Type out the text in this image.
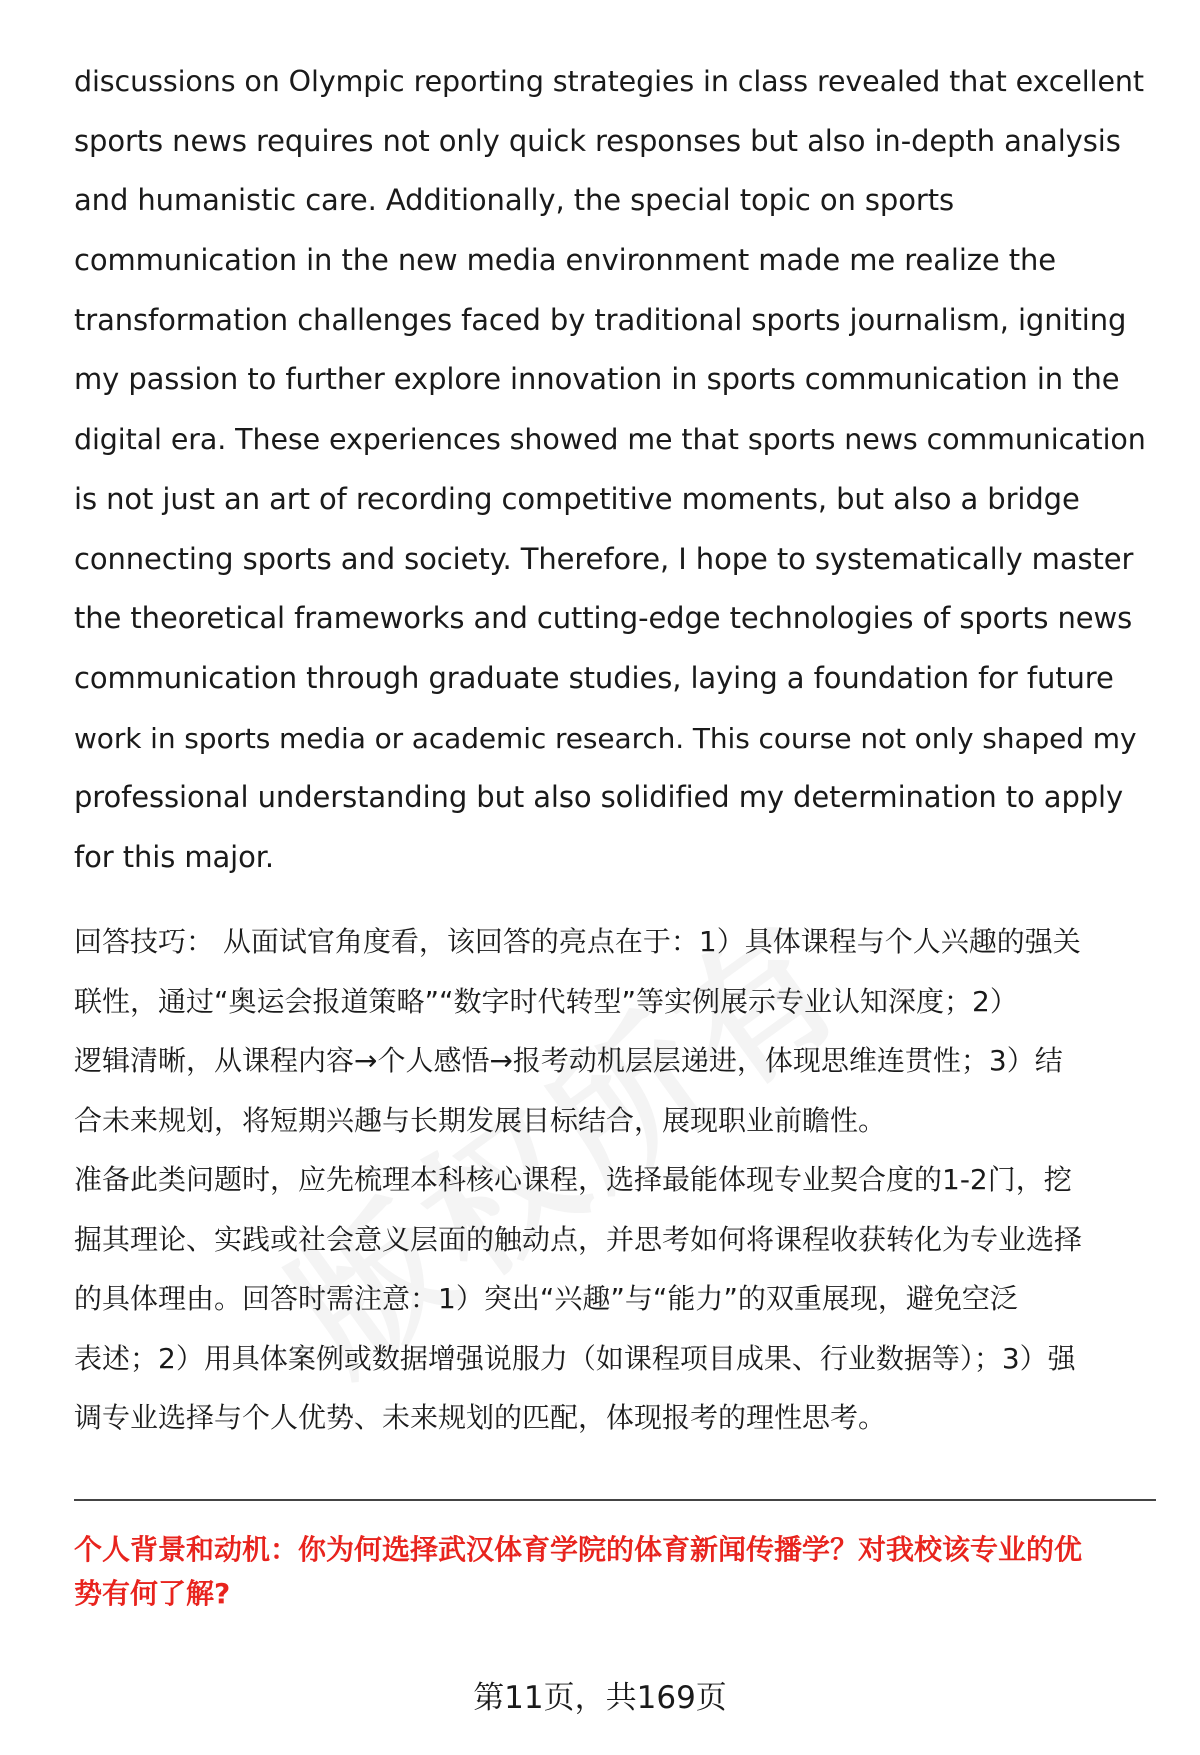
discussions on Olympic reporting strategies in class revealed that excellent
sports news requires not only quick responses but also in-depth analysis
and humanistic care. Additionally, the special topic on sports
communication in the new media environment made me realize the
transformation challenges faced by traditional sports journalism, igniting
my passion to further explore innovation in sports communication in the
digital era. These experiences showed me that sports news communication
is not just an art of recording competitive moments, but also a bridge
connecting sports and society. Therefore, I hope to systematically master
the theoretical frameworks and cutting-edge technologies of sports news
communication through graduate studies, laying a foundation for future
work in sports media or academic research. This course not only shaped my
professional understanding but also solidified my determination to apply
for this major.
回答技巧： 从面试官角度看，该回答的亮点在于：1）具体课程与个人兴趣的强关
联性，通过“奥运会报道策略”“数字时代转型”等实例展示专业认知深度；2）
逻辑清晰，从课程内容→个人感悟→报考动机层层递进，体现思维连贯性；3）结
合未来规划，将短期兴趣与长期发展目标结合，展现职业前瞻性。
准备此类问题时，应先梳理本科核心课程，选择最能体现专业契合度的1-2门，挖
掘其理论、实践或社会意义层面的触动点，并思考如何将课程收获转化为专业选择
的具体理由。回答时需注意：1）突出“兴趣”与“能力”的双重展现，避免空泛
表述；2）用具体案例或数据增强说服力（如课程项目成果、行业数据等）；3）强
调专业选择与个人优势、未来规划的匹配，体现报考的理性思考。
个人背景和动机：你为何选择武汉体育学院的体育新闻传播学？对我校该专业的优
势有何了解?
第11页，共169页
